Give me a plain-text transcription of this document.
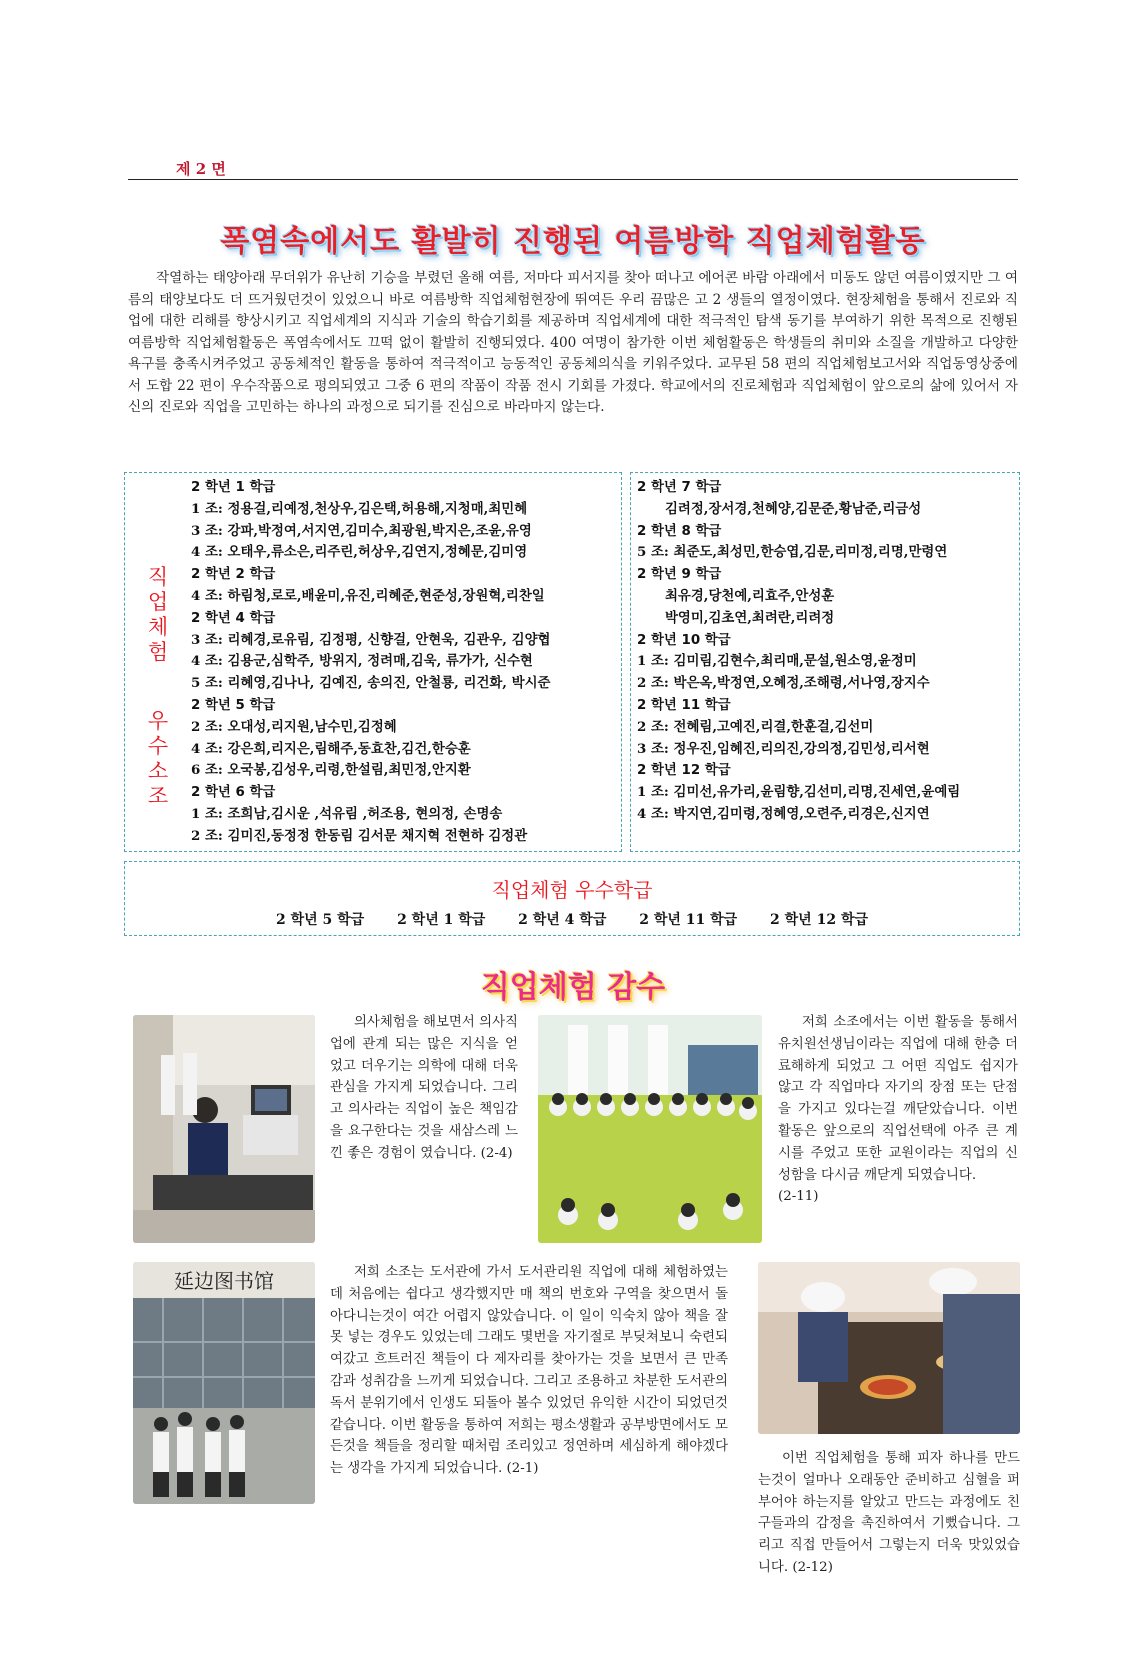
제 2 면
폭염속에서도 활발히 진행된 여름방학 직업체험활동

작열하는 태양아래 무더위가 유난히 기승을 부렸던 올해 여름, 저마다 피서지를 찾아 떠나고 에어콘 바람 아래에서 미동도 않던 여름이였지만 그 여름의 태양보다도 더 뜨거웠던것이 있었으니 바로 여름방학 직업체험현장에 뛰여든 우리 끔많은 고 2 생들의 열정이였다. 현장체험을 통해서 진로와 직업에 대한 리해를 향상시키고 직업세계의 지식과 기술의 학습기회를 제공하며 직업세계에 대한 적극적인 탐색 동기를 부여하기 위한 목적으로 진행된 여름방학 직업체험활동은 폭염속에서도 끄떡 없이 활발히 진행되였다. 400 여명이 참가한 이번 체험활동은 학생들의 취미와 소질을 개발하고 다양한 욕구를 충족시켜주었고 공동체적인 활동을 통하여 적극적이고 능동적인 공동체의식을 키워주었다. 교무된 58 편의 직업체험보고서와 직업동영상중에서 도합 22 편이 우수작품으로 평의되였고 그중 6 편의 작품이 작품 전시 기회를 가졌다. 학교에서의 진로체험과 직업체험이 앞으로의 삶에 있어서 자신의 진로와 직업을 고민하는 하나의 과정으로 되기를 진심으로 바라마지 않는다.

직
업
체
험
우
수
소
조
2 학년 1 학급
1 조: 정용걸,리예정,천상우,김은택,허용해,지청매,최민혜
3 조: 강파,박정여,서지연,김미수,최광원,박지은,조윤,유영
4 조: 오태우,류소은,리주린,허상우,김연지,정혜문,김미영
2 학년 2 학급
4 조: 하림청,로로,배윤미,유진,리혜준,현준성,장원혁,리찬일
2 학년 4 학급
3 조: 리혜경,로유림, 김정평, 신향걸, 안현욱, 김관우, 김양협
4 조: 김용군,심학주, 방위지, 정려매,김욱, 류가가, 신수현
5 조: 리혜영,김나나, 김예진, 송의진, 안철룡, 리건화, 박시준
2 학년 5 학급
2 조: 오대성,리지원,남수민,김정혜
4 조: 강은희,리지은,림해주,동효찬,김건,한승훈
6 조: 오국봉,김성우,리령,한설림,최민정,안지환
2 학년 6 학급
1 조: 조희남,김시운 ,석유림 ,허조용, 현의정, 손명송
2 조: 김미진,동정정 한동림 김서문 채지혁 전현하 김정관
2 학년 7 학급
김려정,장서경,천혜양,김문준,황남준,리금성
2 학년 8 학급
5 조: 최준도,최성민,한승엽,김문,리미정,리명,만령연
2 학년 9 학급
최유경,당천예,리효주,안성훈
박영미,김초연,최려란,리려정
2 학년 10 학급
1 조: 김미림,김현수,최리매,문설,원소영,윤정미
2 조: 박은옥,박정연,오혜정,조해령,서나영,장지수
2 학년 11 학급
2 조: 전혜림,고예진,리결,한훈걸,김선미
3 조: 정우진,임혜진,리의진,강의정,김민성,리서현
2 학년 12 학급
1 조: 김미선,유가리,윤림향,김선미,리명,진세연,윤예림
4 조: 박지연,김미령,정혜영,오련주,리경은,신지연
직업체험 우수학급
2 학년 5 학급 2 학년 1 학급 2 학년 4 학급 2 학년 11 학급 2 학년 12 학급
직업체험 감수

의사체험을 해보면서 의사직업에 관계 되는 많은 지식을 얻었고 더우기는 의학에 대해 더욱 관심을 가지게 되었습니다. 그리고 의사라는 직업이 높은 책임감을 요구한다는 것을 새삼스레 느낀 좋은 경험이 였습니다. (2-4)

저희 소조에서는 이번 활동을 통해서 유치원선생님이라는 직업에 대해 한층 더 료해하게 되었고 그 어떤 직업도 쉽지가 않고 각 직업마다 자기의 장점 또는 단점을 가지고 있다는걸 깨닫았습니다. 이번 활동은 앞으로의 직업선택에 아주 큰 계시를 주었고 또한 교원이라는 직업의 신성함을 다시금 깨닫게 되였습니다.

(2-11)
延边图书馆	저희 소조는 도서관에 가서 도서관리원 직업에 대해 체험하였는데 처음에는 쉽다고 생각했지만 매 책의 번호와 구역을 찾으면서 돌아다니는것이 여간 어렵지 않았습니다. 이 일이 익숙치 않아 책을 잘못 넣는 경우도 있었는데 그래도 몇번을 자기절로 부딪쳐보니 숙련되여갔고 흐트러진 책들이 다 제자리를 찾아가는 것을 보면서 큰 만족감과 성취감을 느끼게 되었습니다. 그리고 조용하고 차분한 도서관의 독서 분위기에서 인생도 되돌아 볼수 있었던 유익한 시간이 되었던것 같습니다. 이번 활동을 통하여 저희는 평소생활과 공부방면에서도 모든것을 책들을 정리할 때처럼 조리있고 정연하며 세심하게 해야겠다는 생각을 가지게 되었습니다. (2-1)

이번 직업체험을 통해 피자 하나를 만드는것이 얼마나 오래동안 준비하고 심혈을 퍼부어야 하는지를 알았고 만드는 과정에도 친구들과의 감정을 촉진하여서 기뻤습니다. 그리고 직접 만들어서 그렇는지 더욱 맛있었습니다. (2-12)
